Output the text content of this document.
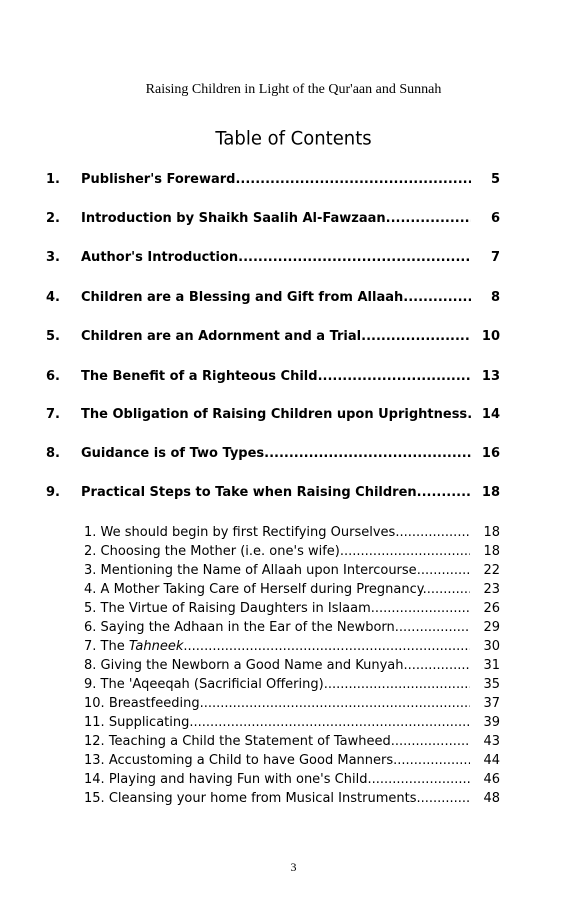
Raising Children in Light of the Qur'aan and Sunnah
Table of Contents
1. Publisher's Foreward .....	5
2. Introduction by Shaikh Saalih Al-Fawzaan .....	6
3. Author's Introduction .....	7
4. Children are a Blessing and Gift from Allaah .....	8
5. Children are an Adornment and a Trial .....	10
6. The Benefit of a Righteous Child .....	13
7. The Obligation of Raising Children upon Uprightness ..... 14
8. Guidance is of Two Types .....	16
9. Practical Steps to Take when Raising Children .....	18
1. We should begin by first Rectifying Ourselves .....	18
2. Choosing the Mother (i.e. one's wife) .....	18
3. Mentioning the Name of Allaah upon Intercourse .....	22
4. A Mother Taking Care of Herself during Pregnancy .....	23
5. The Virtue of Raising Daughters in Islaam .....	26
6. Saying the Adhaan in the Ear of the Newborn .....	29
7. The Tahneek .....	30
8. Giving the Newborn a Good Name and Kunyah .....	31
9. The 'Aqeeqah (Sacrificial Offering) .....	35
10. Breastfeeding .....	37
11. Supplicating .....	39
12. Teaching a Child the Statement of Tawheed .....	43
13. Accustoming a Child to have Good Manners .....	44
14. Playing and having Fun with one's Child .....	46
15. Cleansing your home from Musical Instruments .....	48
3
